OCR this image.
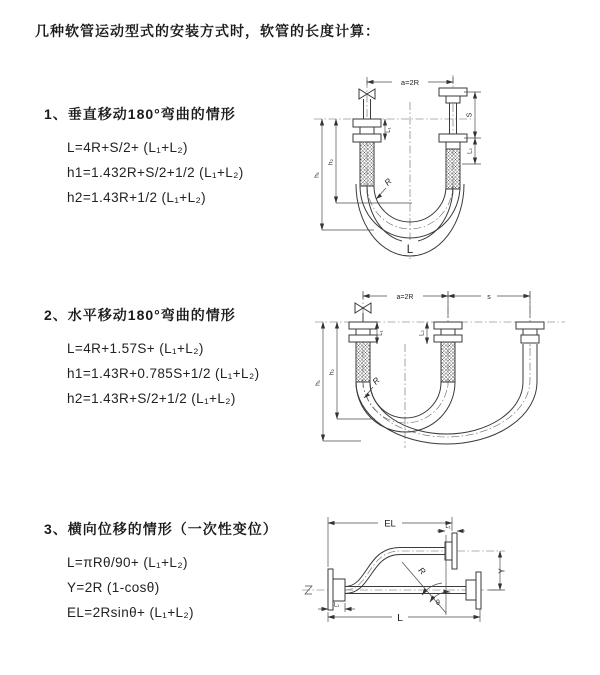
几种软管运动型式的安装方式时，软管的长度计算：
1、垂直移动180°弯曲的情形
L=4R+S/2+ (L₁+L₂)
h1=1.432R+S/2+1/2 (L₁+L₂)
h2=1.43R+1/2 (L₁+L₂)
2、水平移动180°弯曲的情形
L=4R+1.57S+ (L₁+L₂)
h1=1.43R+0.785S+1/2 (L₁+L₂)
h2=1.43R+S/2+1/2 (L₁+L₂)
3、横向位移的情形（一次性变位）
L=πRθ/90+ (L₁+L₂)
Y=2R (1-cosθ)
EL=2Rsinθ+ (L₁+L₂)
a=2R
R
L
L₁
S
L₂
h₂
h₁
a=2R	s
R
L₁	L₂
h₂
h₁
EL	L₁
Y
θ
R
L
L₁
